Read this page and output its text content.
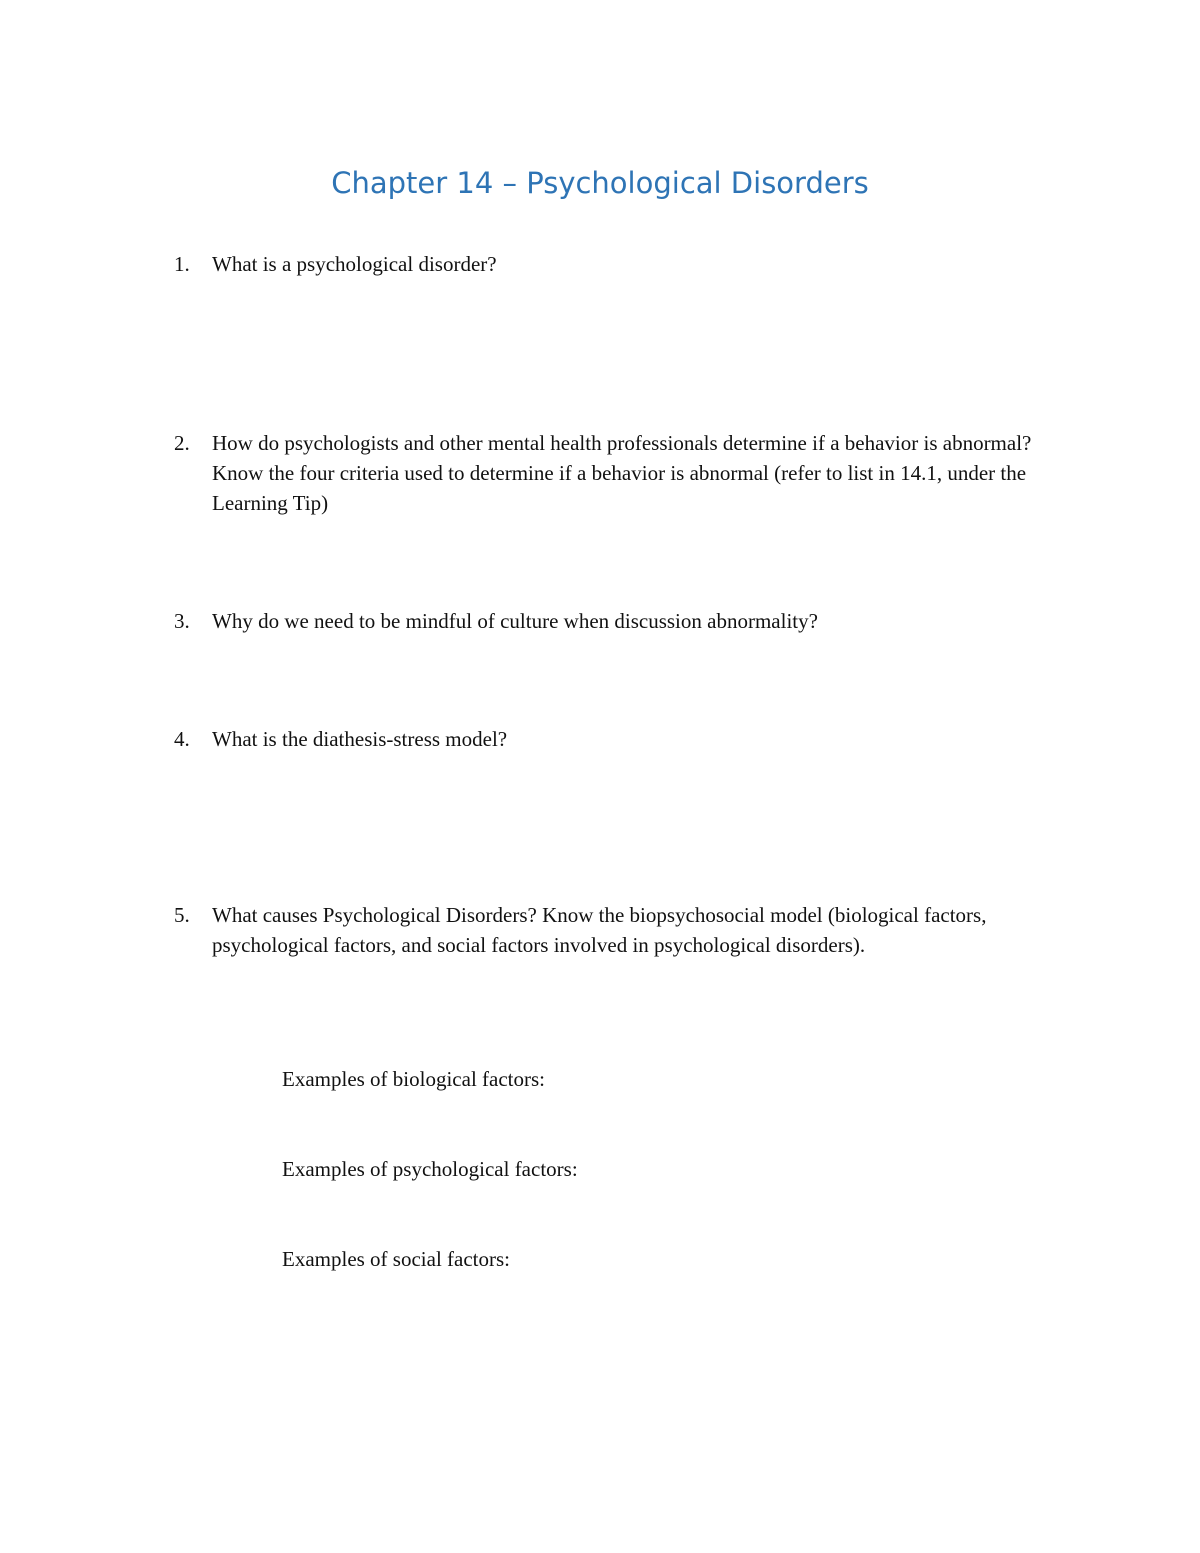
Chapter 14 – Psychological Disorders
1.	What is a psychological disorder?
2.	How do psychologists and other mental health professionals determine if a behavior is abnormal? Know the four criteria used to determine if a behavior is abnormal (refer to list in 14.1, under the Learning Tip)
3.	Why do we need to be mindful of culture when discussion abnormality?
4.	What is the diathesis-stress model?
5.	What causes Psychological Disorders? Know the biopsychosocial model (biological factors, psychological factors, and social factors involved in psychological disorders).
Examples of biological factors:
Examples of psychological factors:
Examples of social factors:
